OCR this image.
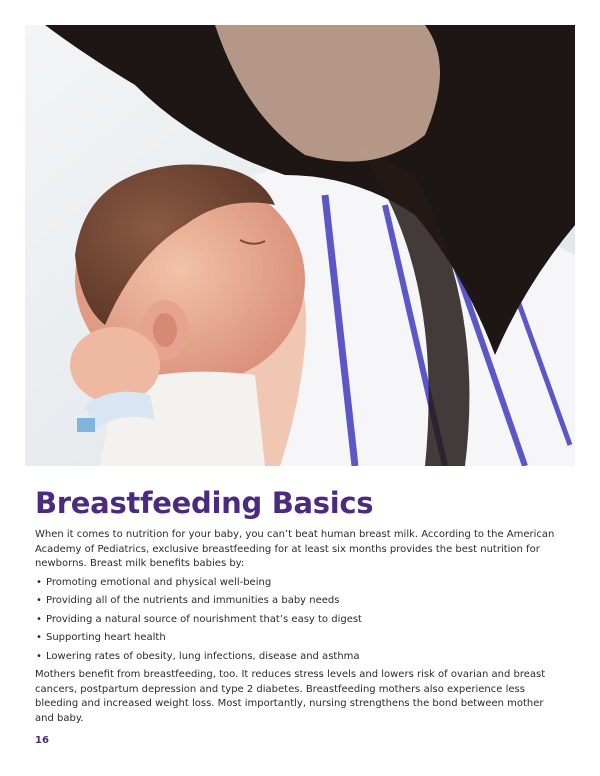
Breastfeeding Basics

When it comes to nutrition for your baby, you can’t beat human breast milk. According to the American Academy of Pediatrics, exclusive breastfeeding for at least six months provides the best nutrition for newborns. Breast milk benefits babies by:

• Promoting emotional and physical well-being
• Providing all of the nutrients and immunities a baby needs
• Providing a natural source of nourishment that’s easy to digest
• Supporting heart health
• Lowering rates of obesity, lung infections, disease and asthma

Mothers benefit from breastfeeding, too. It reduces stress levels and lowers risk of ovarian and breast cancers, postpartum depression and type 2 diabetes. Breastfeeding mothers also experience less bleeding and increased weight loss. Most importantly, nursing strengthens the bond between mother and baby.

16
